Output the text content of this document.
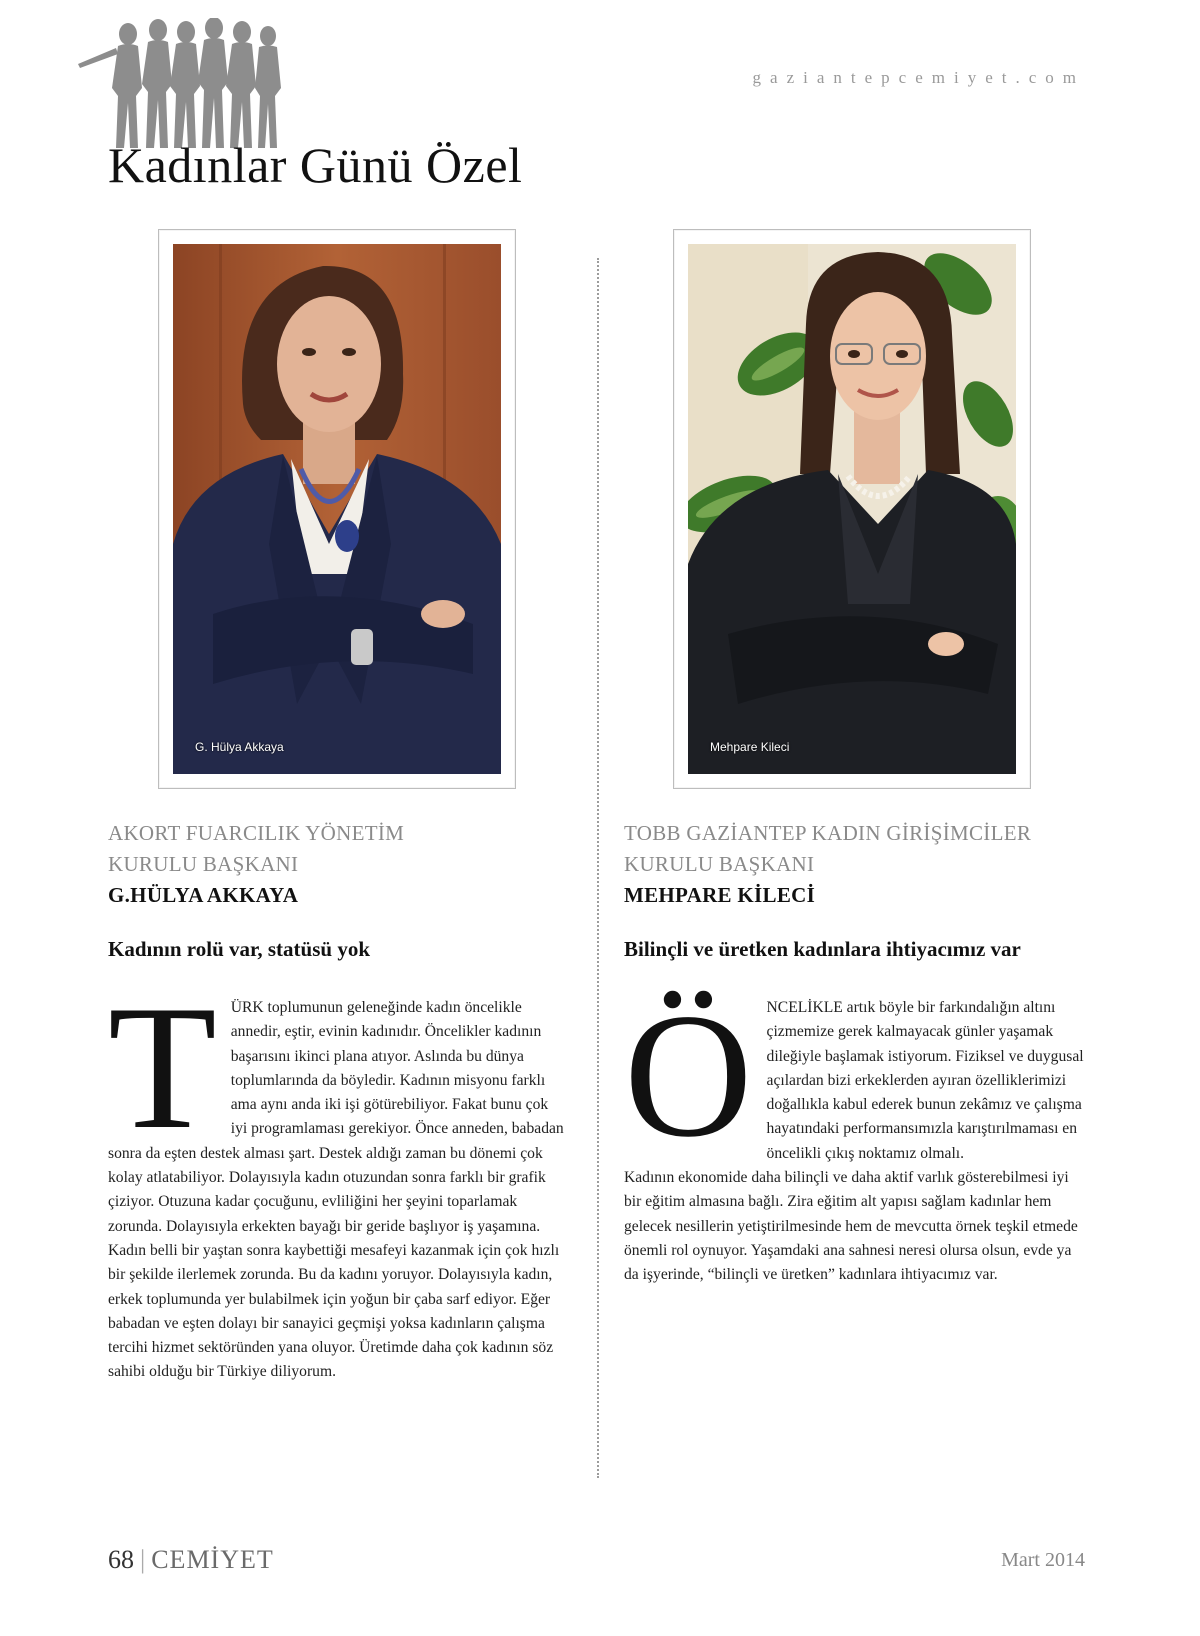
gaziantepcemiyet.com
Kadınlar Günü Özel
G. Hülya Akkaya	Mehpare Kileci
AKORT FUARCILIK YÖNETİM
KURULU BAŞKANI
G.HÜLYA AKKAYA
Kadının rolü var, statüsü yok
T ÜRK toplumunun geleneğinde kadın öncelikle annedir, eştir, evinin kadınıdır. Öncelikler kadının başarısını ikinci plana atıyor. Aslında bu dünya toplumlarında da böyledir. Kadının misyonu farklı ama aynı anda iki işi götürebiliyor. Fakat bunu çok iyi programlaması gerekiyor. Önce anneden, babadan sonra da eşten destek alması şart. Destek aldığı zaman bu dönemi çok kolay atlatabiliyor. Dolayısıyla kadın otuzundan sonra farklı bir grafik çiziyor. Otuzuna kadar çocuğunu, evliliğini her şeyini toparlamak zorunda. Dolayısıyla erkekten bayağı bir geride başlıyor iş yaşamına. Kadın belli bir yaştan sonra kaybettiği mesafeyi kazanmak için çok hızlı bir şekilde ilerlemek zorunda. Bu da kadını yoruyor. Dolayısıyla kadın, erkek toplumunda yer bulabilmek için yoğun bir çaba sarf ediyor. Eğer babadan ve eşten dolayı bir sanayici geçmişi yoksa kadınların çalışma tercihi hizmet sektöründen yana oluyor. Üretimde daha çok kadının söz sahibi olduğu bir Türkiye diliyorum.
TOBB GAZİANTEP KADIN GİRİŞİMCİLER
KURULU BAŞKANI
MEHPARE KİLECİ
Bilinçli ve üretken kadınlara ihtiyacımız var
Ö NCELİKLE artık böyle bir farkındalığın altını çizmemize gerek kalmayacak günler yaşamak dileğiyle başlamak istiyorum. Fiziksel ve duygusal açılardan bizi erkeklerden ayıran özelliklerimizi doğallıkla kabul ederek bunun zekâmız ve çalışma hayatındaki performansımızla karıştırılmaması en öncelikli çıkış noktamız olmalı.
Kadının ekonomide daha bilinçli ve daha aktif varlık gösterebilmesi iyi bir eğitim almasına bağlı. Zira eğitim alt yapısı sağlam kadınlar hem gelecek nesillerin yetiştirilmesinde hem de mevcutta örnek teşkil etmede önemli rol oynuyor. Yaşamdaki ana sahnesi neresi olursa olsun, evde ya da işyerinde, “bilinçli ve üretken” kadınlara ihtiyacımız var.
68 | CEMİYET	Mart 2014
